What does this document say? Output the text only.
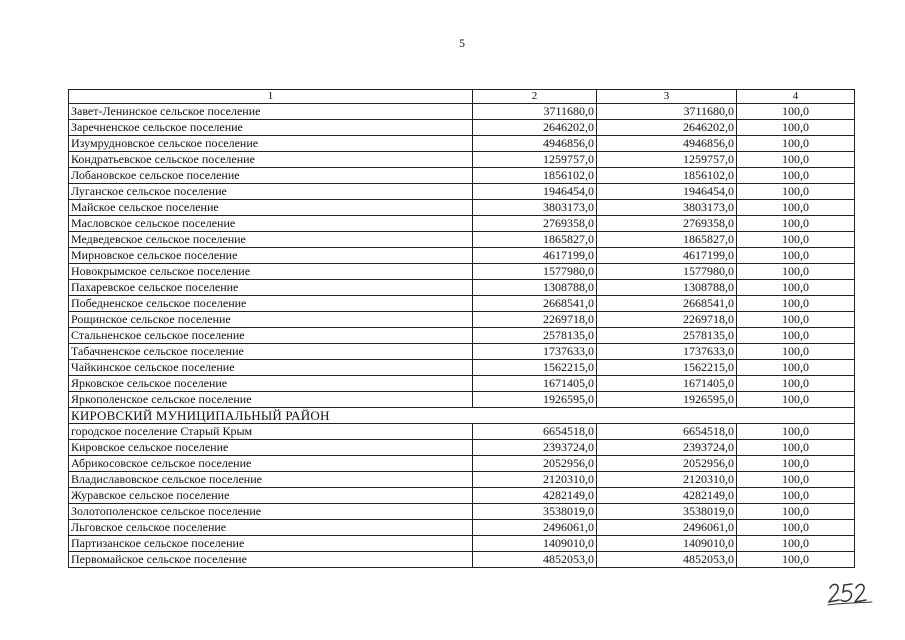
5
1	2	3	4
Завет-Ленинское сельское поселение	3711680,0	3711680,0	100,0
Заречненское сельское поселение	2646202,0	2646202,0	100,0
Изумрудновское сельское поселение	4946856,0	4946856,0	100,0
Кондратьевское сельское поселение	1259757,0	1259757,0	100,0
Лобановское сельское поселение	1856102,0	1856102,0	100,0
Луганское сельское поселение	1946454,0	1946454,0	100,0
Майское сельское поселение	3803173,0	3803173,0	100,0
Масловское сельское поселение	2769358,0	2769358,0	100,0
Медведевское сельское поселение	1865827,0	1865827,0	100,0
Мирновское сельское поселение	4617199,0	4617199,0	100,0
Новокрымское сельское поселение	1577980,0	1577980,0	100,0
Пахаревское сельское поселение	1308788,0	1308788,0	100,0
Победненское сельское поселение	2668541,0	2668541,0	100,0
Рощинское сельское поселение	2269718,0	2269718,0	100,0
Стальненское сельское поселение	2578135,0	2578135,0	100,0
Табачненское сельское поселение	1737633,0	1737633,0	100,0
Чайкинское сельское поселение	1562215,0	1562215,0	100,0
Ярковское сельское поселение	1671405,0	1671405,0	100,0
Яркополенское сельское поселение	1926595,0	1926595,0	100,0
КИРОВСКИЙ МУНИЦИПАЛЬНЫЙ РАЙОН			
городское поселение Старый Крым	6654518,0	6654518,0	100,0
Кировское сельское поселение	2393724,0	2393724,0	100,0
Абрикосовское сельское поселение	2052956,0	2052956,0	100,0
Владиславовское сельское поселение	2120310,0	2120310,0	100,0
Журавское сельское поселение	4282149,0	4282149,0	100,0
Золотополенское сельское поселение	3538019,0	3538019,0	100,0
Льговское сельское поселение	2496061,0	2496061,0	100,0
Партизанское сельское поселение	1409010,0	1409010,0	100,0
Первомайское сельское поселение	4852053,0	4852053,0	100,0
